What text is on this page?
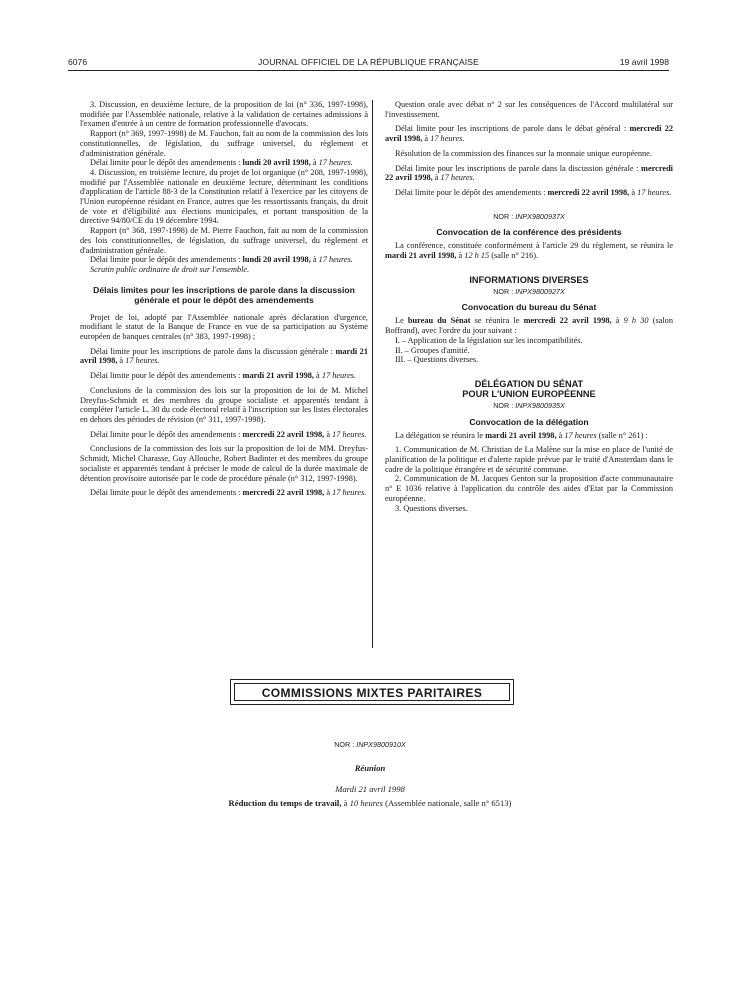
6076	JOURNAL OFFICIEL DE LA RÉPUBLIQUE FRANÇAISE	19 avril 1998

3. Discussion, en deuxième lecture, de la proposition de loi (n° 336, 1997-1998), modifiée par l'Assemblée nationale, relative à la validation de certaines admissions à l'examen d'entrée à un centre de formation professionnelle d'avocats.

Rapport (n° 369, 1997-1998) de M. Fauchon, fait au nom de la commission des lois constitutionnelles, de législation, du suffrage universel, du règlement et d'administration générale.

Délai limite pour le dépôt des amendements : lundi 20 avril 1998, à 17 heures.

4. Discussion, en troisième lecture, du projet de loi organique (n° 208, 1997-1998), modifié par l'Assemblée nationale en deuxième lecture, déterminant les conditions d'application de l'article 88-3 de la Constitution relatif à l'exercice par les citoyens de l'Union européenne résidant en France, autres que les ressortissants français, du droit de vote et d'éligibilité aux élections municipales, et portant transposition de la directive 94/80/CE du 19 décembre 1994.

Rapport (n° 368, 1997-1998) de M. Pierre Fauchon, fait au nom de la commission des lois constitutionnelles, de législation, du suffrage universel, du règlement et d'administration générale.

Délai limite pour le dépôt des amendements : lundi 20 avril 1998, à 17 heures.

Scrutin public ordinaire de droit sur l'ensemble.

Délais limites pour les inscriptions de parole dans la discussion générale et pour le dépôt des amendements

Projet de loi, adopté par l'Assemblée nationale après déclaration d'urgence, modifiant le statut de la Banque de France en vue de sa participation au Système européen de banques centrales (n° 383, 1997-1998) ;

Délai limite pour les inscriptions de parole dans la discussion générale : mardi 21 avril 1998, à 17 heures.

Délai limite pour le dépôt des amendements : mardi 21 avril 1998, à 17 heures.

Conclusions de la commission des lois sur la proposition de loi de M. Michel Dreyfus-Schmidt et des membres du groupe socialiste et apparentés tendant à compléter l'article L. 30 du code électoral relatif à l'inscription sur les listes électorales en dehors des périodes de révision (n° 311, 1997-1998).

Délai limite pour le dépôt des amendements : mercredi 22 avril 1998, à 17 heures.

Conclusions de la commission des lois sur la proposition de loi de MM. Dreyfus-Schmidt, Michel Charasse, Guy Allouche, Robert Badinter et des membres du groupe socialiste et apparentés tendant à préciser le mode de calcul de la durée maximale de détention provisoire autorisée par le code de procédure pénale (n° 312, 1997-1998).

Délai limite pour le dépôt des amendements : mercredi 22 avril 1998, à 17 heures.

Question orale avec débat n° 2 sur les conséquences de l'Accord multilatéral sur l'investissement.

Délai limite pour les inscriptions de parole dans le débat général : mercredi 22 avril 1998, à 17 heures.

Résolution de la commission des finances sur la monnaie unique européenne.

Délai limite pour les inscriptions de parole dans la discussion générale : mercredi 22 avril 1998, à 17 heures.

Délai limite pour le dépôt des amendements : mercredi 22 avril 1998, à 17 heures.

NOR : INPX9800937X
Convocation de la conférence des présidents

La conférence, constituée conformément à l'article 29 du règlement, se réunira le mardi 21 avril 1998, à 12 h 15 (salle n° 216).

INFORMATIONS DIVERSES
NOR : INPX9800927X
Convocation du bureau du Sénat

Le bureau du Sénat se réunira le mercredi 22 avril 1998, à 9 h 30 (salon Boffrand), avec l'ordre du jour suivant :

I. – Application de la législation sur les incompatibilités.

II. – Groupes d'amitié.

III. – Questions diverses.

DÉLÉGATION DU SÉNAT
POUR L'UNION EUROPÉENNE
NOR : INPX9800935X
Convocation de la délégation

La délégation se réunira le mardi 21 avril 1998, à 17 heures (salle n° 261) :

1. Communication de M. Christian de La Malène sur la mise en place de l'unité de planification de la politique et d'alerte rapide prévue par le traité d'Amsterdam dans le cadre de la politique étrangère et de sécurité commune.

2. Communication de M. Jacques Genton sur la proposition d'acte communautaire n° E 1036 relative à l'application du contrôle des aides d'Etat par la Commission européenne.

3. Questions diverses.

COMMISSIONS MIXTES PARITAIRES
NOR : INPX9800910X
Réunion
Mardi 21 avril 1998
Réduction du temps de travail, à 10 heures (Assemblée nationale, salle n° 6513)
